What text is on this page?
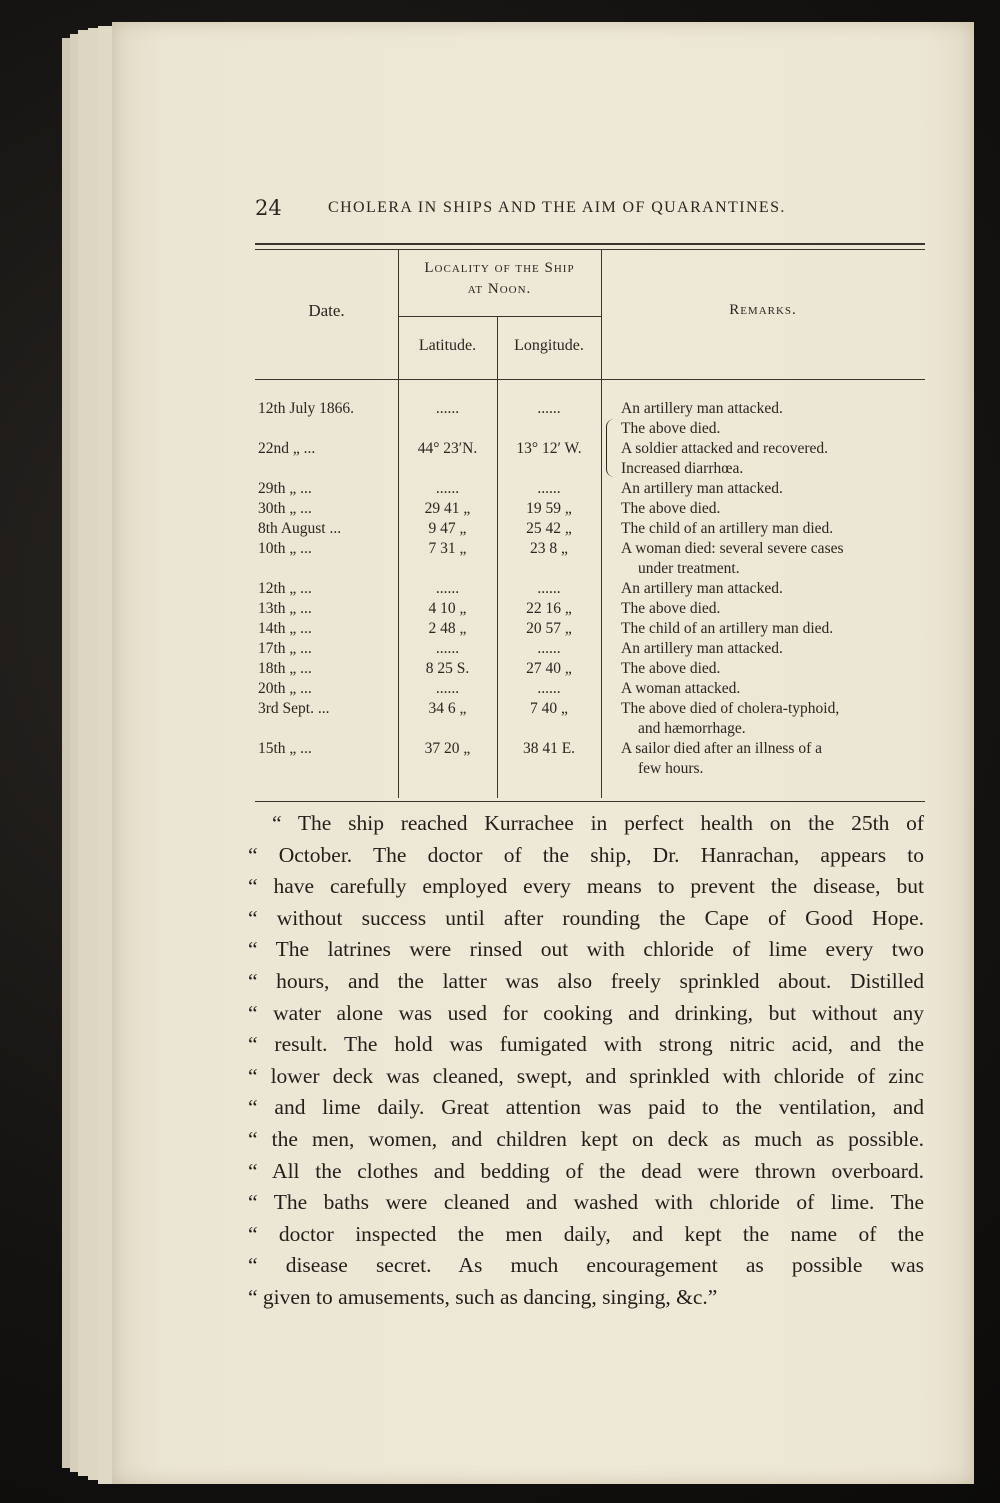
24	CHOLERA IN SHIPS AND THE AIM OF QUARANTINES.
Date.
Locality of the Ship
at Noon.
Latitude.	Longitude.
Remarks.
12th July 1866.	......	......	An artillery man attacked.
The above died.
22nd „ ...	44° 23′N.	13° 12′ W.	A soldier attacked and recovered.
Increased diarrhœa.
29th „ ...	......	......	An artillery man attacked.
30th „ ...	29 41 „	19 59 „	The above died.
8th August ...	9 47 „	25 42 „	The child of an artillery man died.
10th „ ...	7 31 „	23 8 „	A woman died: several severe cases
under treatment.
12th „ ...	......	......	An artillery man attacked.
13th „ ...	4 10 „	22 16 „	The above died.
14th „ ...	2 48 „	20 57 „	The child of an artillery man died.
17th „ ...	......	......	An artillery man attacked.
18th „ ...	8 25 S.	27 40 „	The above died.
20th „ ...	......	......	A woman attacked.
3rd Sept. ...	34 6 „	7 40 „	The above died of cholera-typhoid,
and hæmorrhage.
15th „ ...	37 20 „	38 41 E.	A sailor died after an illness of a
few hours.
“ The ship reached Kurrachee in perfect health on the 25th of
“ October. The doctor of the ship, Dr. Hanrachan, appears to
“ have carefully employed every means to prevent the disease, but
“ without success until after rounding the Cape of Good Hope.
“ The latrines were rinsed out with chloride of lime every two
“ hours, and the latter was also freely sprinkled about. Distilled
“ water alone was used for cooking and drinking, but without any
“ result. The hold was fumigated with strong nitric acid, and the
“ lower deck was cleaned, swept, and sprinkled with chloride of zinc
“ and lime daily. Great attention was paid to the ventilation, and
“ the men, women, and children kept on deck as much as possible.
“ All the clothes and bedding of the dead were thrown overboard.
“ The baths were cleaned and washed with chloride of lime. The
“ doctor inspected the men daily, and kept the name of the
“ disease secret. As much encouragement as possible was
“ given to amusements, such as dancing, singing, &c.”
